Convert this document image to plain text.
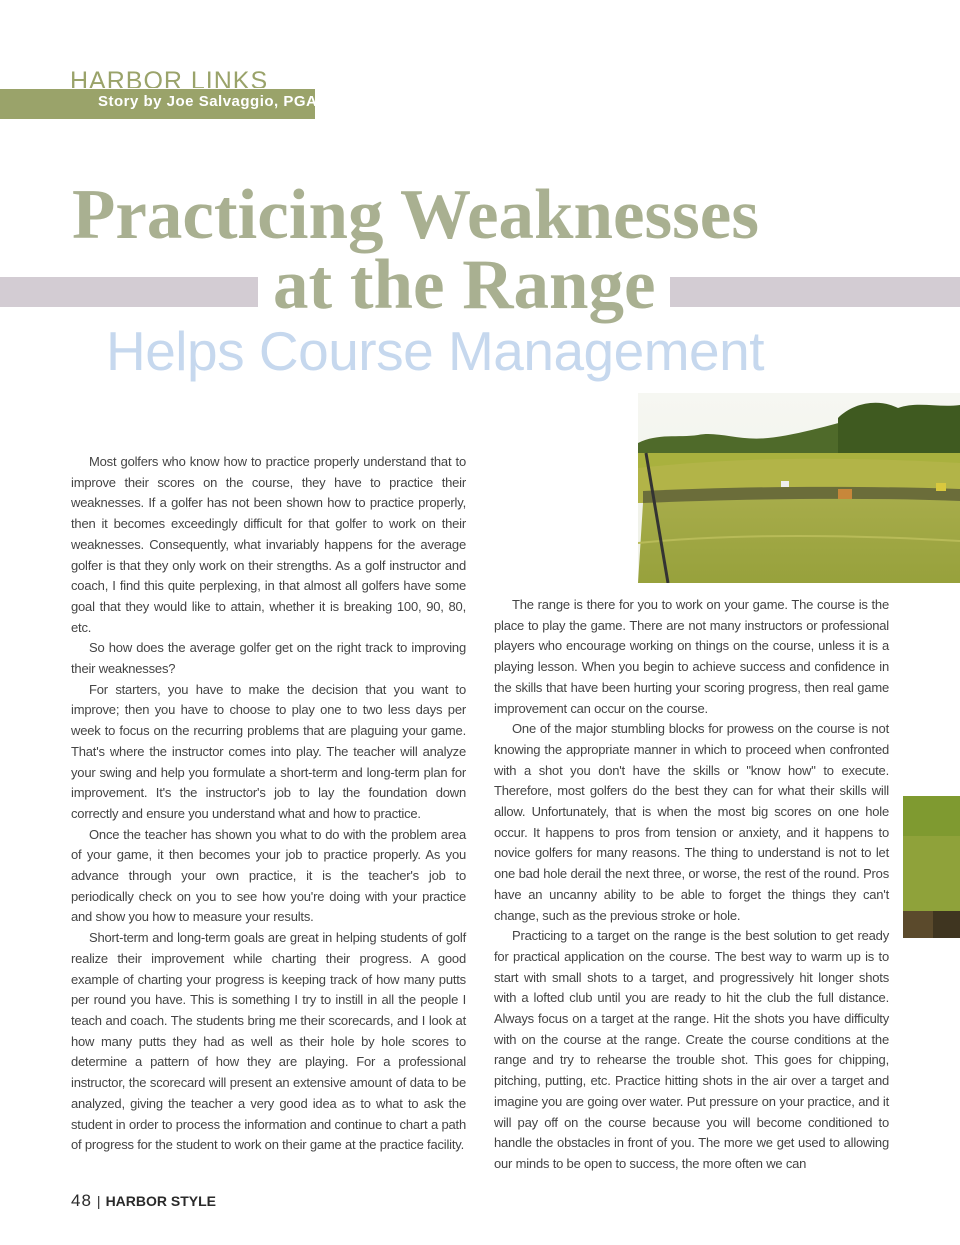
HARBOR LINKS
Story by Joe Salvaggio, PGA
Practicing Weaknesses
at the Range
Helps Course Management

Most golfers who know how to practice properly understand that to improve their scores on the course, they have to practice their weaknesses. If a golfer has not been shown how to practice properly, then it becomes exceedingly difficult for that golfer to work on their weaknesses. Consequently, what invariably happens for the average golfer is that they only work on their strengths. As a golf instructor and coach, I find this quite perplexing, in that almost all golfers have some goal that they would like to attain, whether it is breaking 100, 90, 80, etc.

So how does the average golfer get on the right track to improving their weaknesses?

For starters, you have to make the decision that you want to improve; then you have to choose to play one to two less days per week to focus on the recurring problems that are plaguing your game. That's where the instructor comes into play. The teacher will analyze your swing and help you formulate a short-term and long-term plan for improvement. It's the instructor's job to lay the foundation down correctly and ensure you understand what and how to practice.

Once the teacher has shown you what to do with the problem area of your game, it then becomes your job to practice properly. As you advance through your own practice, it is the teacher's job to periodically check on you to see how you're doing with your practice and show you how to measure your results.

Short-term and long-term goals are great in helping students of golf realize their improvement while charting their progress. A good example of charting your progress is keeping track of how many putts per round you have. This is something I try to instill in all the people I teach and coach. The students bring me their scorecards, and I look at how many putts they had as well as their hole by hole scores to determine a pattern of how they are playing. For a professional instructor, the scorecard will present an extensive amount of data to be analyzed, giving the teacher a very good idea as to what to ask the student in order to process the information and continue to chart a path of progress for the student to work on their game at the practice facility.

The range is there for you to work on your game. The course is the place to play the game. There are not many instructors or professional players who encourage working on things on the course, unless it is a playing lesson. When you begin to achieve success and confidence in the skills that have been hurting your scoring progress, then real game improvement can occur on the course.

One of the major stumbling blocks for prowess on the course is not knowing the appropriate manner in which to proceed when confronted with a shot you don't have the skills or "know how" to execute. Therefore, most golfers do the best they can for what their skills will allow. Unfortunately, that is when the most big scores on one hole occur. It happens to pros from tension or anxiety, and it happens to novice golfers for many reasons. The thing to understand is not to let one bad hole derail the next three, or worse, the rest of the round. Pros have an uncanny ability to be able to forget the things they can't change, such as the previous stroke or hole.

Practicing to a target on the range is the best solution to get ready for practical application on the course. The best way to warm up is to start with small shots to a target, and progressively hit longer shots with a lofted club until you are ready to hit the club the full distance. Always focus on a target at the range. Hit the shots you have difficulty with on the course at the range. Create the course conditions at the range and try to rehearse the trouble shot. This goes for chipping, pitching, putting, etc. Practice hitting shots in the air over a target and imagine you are going over water. Put pressure on your practice, and it will pay off on the course because you will become conditioned to handle the obstacles in front of you. The more we get used to allowing our minds to be open to success, the more often we can

48 | HARBOR STYLE
